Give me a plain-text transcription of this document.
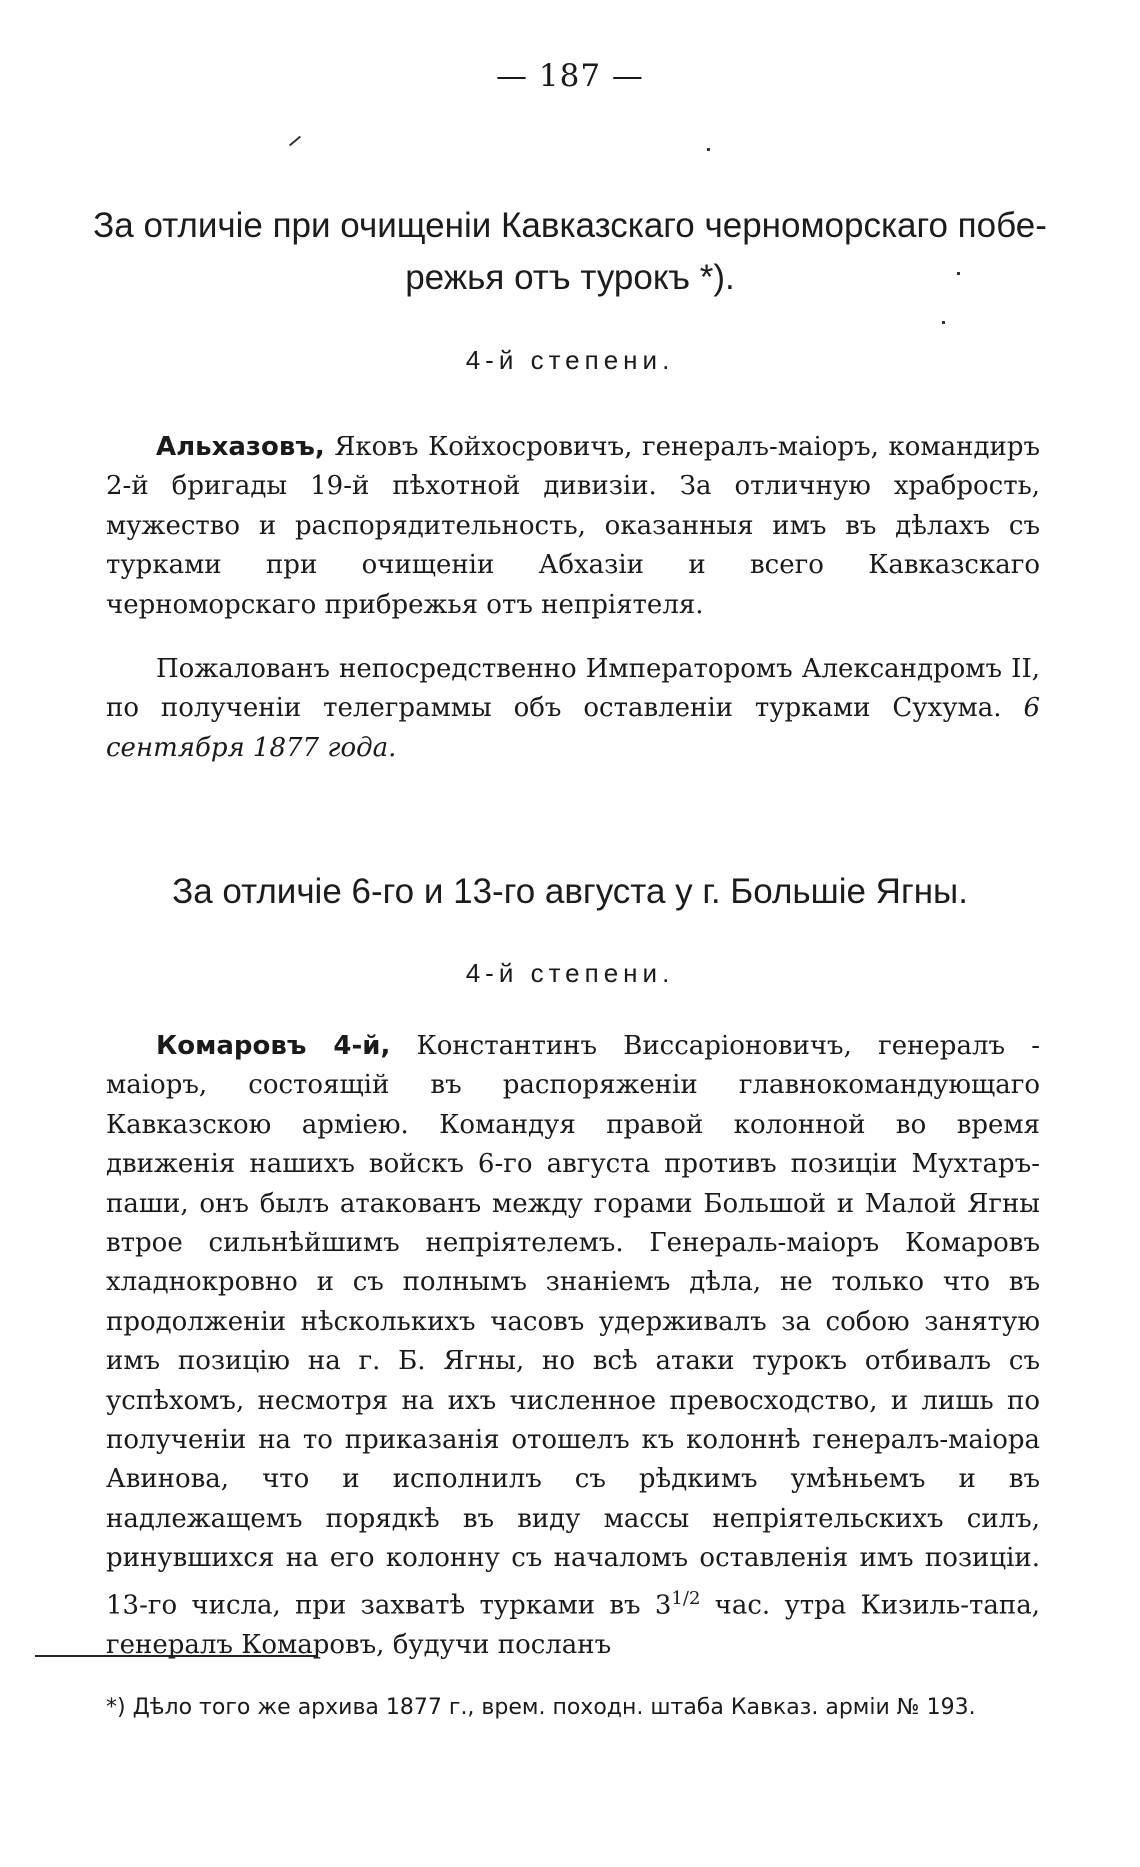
— 187 —
За отличіе при очищеніи Кавказскаго черноморскаго побе-
режья отъ турокъ *).
4-й степени.

Альхазовъ, Яковъ Койхосровичъ, генералъ-маіоръ, командиръ 2-й бригады 19-й пѣхотной дивизіи. За отличную храбрость, мужество и распорядительность, оказанныя имъ въ дѣлахъ съ турками при очищеніи Абхазіи и всего Кавказскаго черноморскаго прибрежья отъ непріятеля.

Пожалованъ непосредственно Императоромъ Александромъ II, по полученіи телеграммы объ оставленіи турками Сухума. 6 сентября 1877 года.

За отличіе 6-го и 13-го августа у г. Большіе Ягны.
4-й степени.

Комаровъ 4-й, Константинъ Виссаріоновичъ, генералъ - маіоръ, состоящій въ распоряженіи главнокомандующаго Кавказскою арміею. Командуя правой колонной во время движенія нашихъ войскъ 6-го августа противъ позиціи Мухтаръ-паши, онъ былъ атакованъ между горами Большой и Малой Ягны втрое сильнѣйшимъ непріятелемъ. Генераль-маіоръ Комаровъ хладнокровно и съ полнымъ знаніемъ дѣла, не только что въ продолженіи нѣсколькихъ часовъ удерживалъ за собою занятую имъ позицію на г. Б. Ягны, но всѣ атаки турокъ отбивалъ съ успѣхомъ, несмотря на ихъ численное превосходство, и лишь по полученіи на то приказанія отошелъ къ колоннѣ генералъ-маіора Авинова, что и исполнилъ съ рѣдкимъ умѣньемъ и въ надлежащемъ порядкѣ въ виду массы непріятельскихъ силъ, ринувшихся на его колонну съ началомъ оставленія имъ позиціи. 13-го числа, при захватѣ турками въ $3^{1/2}$ час. утра Кизиль-тапа, генералъ Комаровъ, будучи посланъ

*) Дѣло того же архива 1877 г., врем. походн. штаба Кавказ. арміи № 193.
